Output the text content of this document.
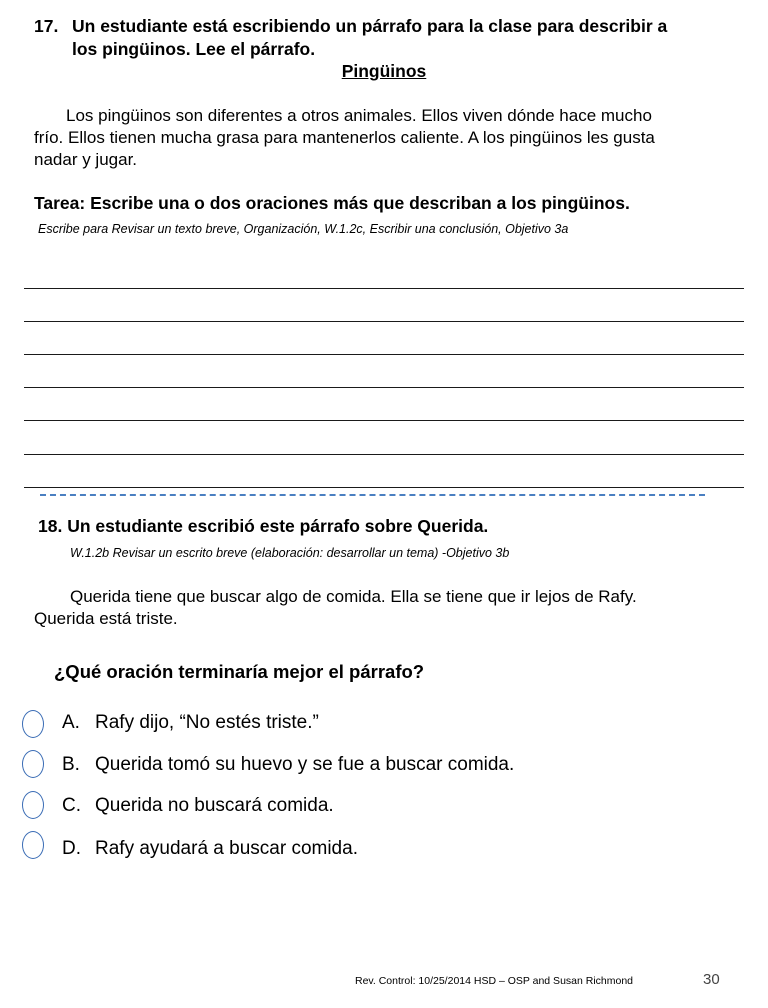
17. Un estudiante está escribiendo un párrafo para la clase para describir a
los pingüinos. Lee el párrafo.
Pingüinos
Los pingüinos son diferentes a otros animales. Ellos viven dónde hace mucho
frío. Ellos tienen mucha grasa para mantenerlos caliente. A los pingüinos les gusta
nadar y jugar.
Tarea: Escribe una o dos oraciones más que describan a los pingüinos.
Escribe para Revisar un texto breve, Organización, W.1.2c, Escribir una conclusión, Objetivo 3a
18. Un estudiante escribió este párrafo sobre Querida.
W.1.2b Revisar un escrito breve (elaboración: desarrollar un tema) -Objetivo 3b
Querida tiene que buscar algo de comida. Ella se tiene que ir lejos de Rafy.
Querida está triste.
¿Qué oración terminaría mejor el párrafo?
A. Rafy dijo, “No estés triste.”
B. Querida tomó su huevo y se fue a buscar comida.
C. Querida no buscará comida.
D. Rafy ayudará a buscar comida.
Rev. Control: 10/25/2014 HSD – OSP and Susan Richmond	30
